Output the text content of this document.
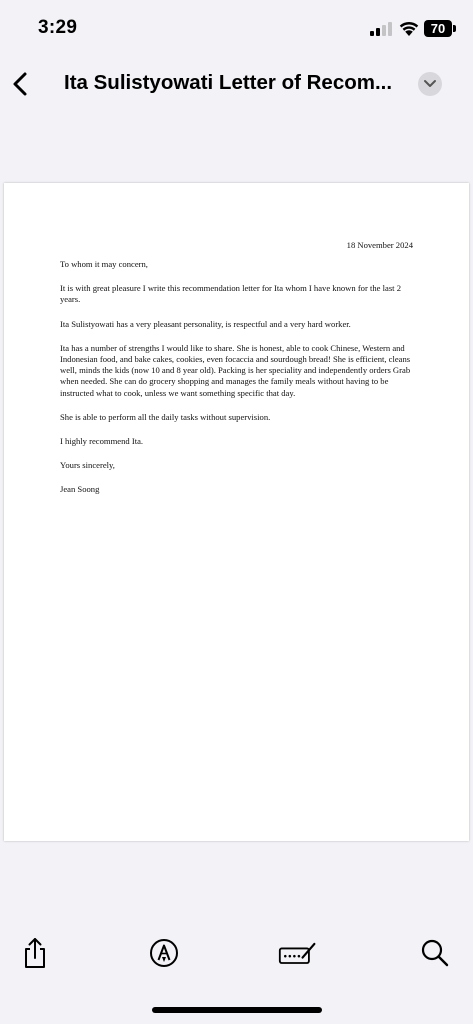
3:29	70
Ita Sulistyowati Letter of Recom...
18 November 2024

To whom it may concern,

It is with great pleasure I write this recommendation letter for Ita whom I have known for the last 2 years.

Ita Sulistyowati has a very pleasant personality, is respectful and a very hard worker.

Ita has a number of strengths I would like to share. She is honest, able to cook Chinese, Western and Indonesian food, and bake cakes, cookies, even focaccia and sourdough bread! She is efficient, cleans well, minds the kids (now 10 and 8 year old). Packing is her speciality and independently orders Grab when needed. She can do grocery shopping and manages the family meals without having to be instructed what to cook, unless we want something specific that day.

She is able to perform all the daily tasks without supervision.

I highly recommend Ita.

Yours sincerely,

Jean Soong
